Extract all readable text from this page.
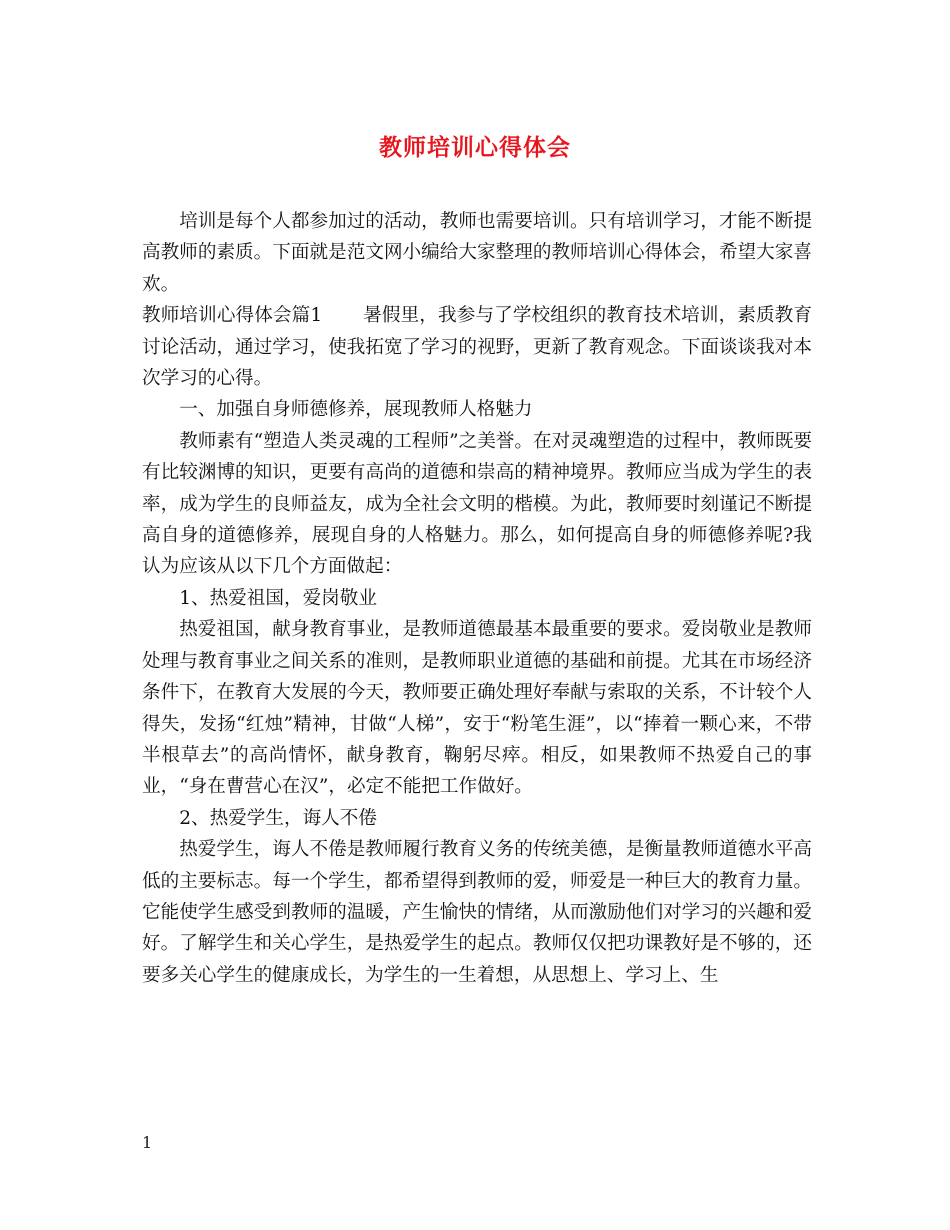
教师培训心得体会

培训是每个人都参加过的活动，教师也需要培训。只有培训学习，才能不断提高教师的素质。下面就是范文网小编给大家整理的教师培训心得体会，希望大家喜欢。

教师培训心得体会篇1 暑假里，我参与了学校组织的教育技术培训，素质教育讨论活动，通过学习，使我拓宽了学习的视野，更新了教育观念。下面谈谈我对本次学习的心得。

一、加强自身师德修养，展现教师人格魅力

教师素有“塑造人类灵魂的工程师”之美誉。在对灵魂塑造的过程中，教师既要有比较渊博的知识，更要有高尚的道德和崇高的精神境界。教师应当成为学生的表率，成为学生的良师益友，成为全社会文明的楷模。为此，教师要时刻谨记不断提高自身的道德修养，展现自身的人格魅力。那么，如何提高自身的师德修养呢?我认为应该从以下几个方面做起：

1、热爱祖国，爱岗敬业

热爱祖国，献身教育事业，是教师道德最基本最重要的要求。爱岗敬业是教师处理与教育事业之间关系的准则，是教师职业道德的基础和前提。尤其在市场经济条件下，在教育大发展的今天，教师要正确处理好奉献与索取的关系，不计较个人得失，发扬“红烛”精神，甘做“人梯”，安于“粉笔生涯”，以“捧着一颗心来，不带半根草去”的高尚情怀，献身教育，鞠躬尽瘁。相反，如果教师不热爱自己的事业，“身在曹营心在汉”，必定不能把工作做好。

2、热爱学生，诲人不倦

热爱学生，诲人不倦是教师履行教育义务的传统美德，是衡量教师道德水平高低的主要标志。每一个学生，都希望得到教师的爱，师爱是一种巨大的教育力量。它能使学生感受到教师的温暖，产生愉快的情绪，从而激励他们对学习的兴趣和爱好。了解学生和关心学生，是热爱学生的起点。教师仅仅把功课教好是不够的，还要多关心学生的健康成长，为学生的一生着想，从思想上、学习上、生

1
